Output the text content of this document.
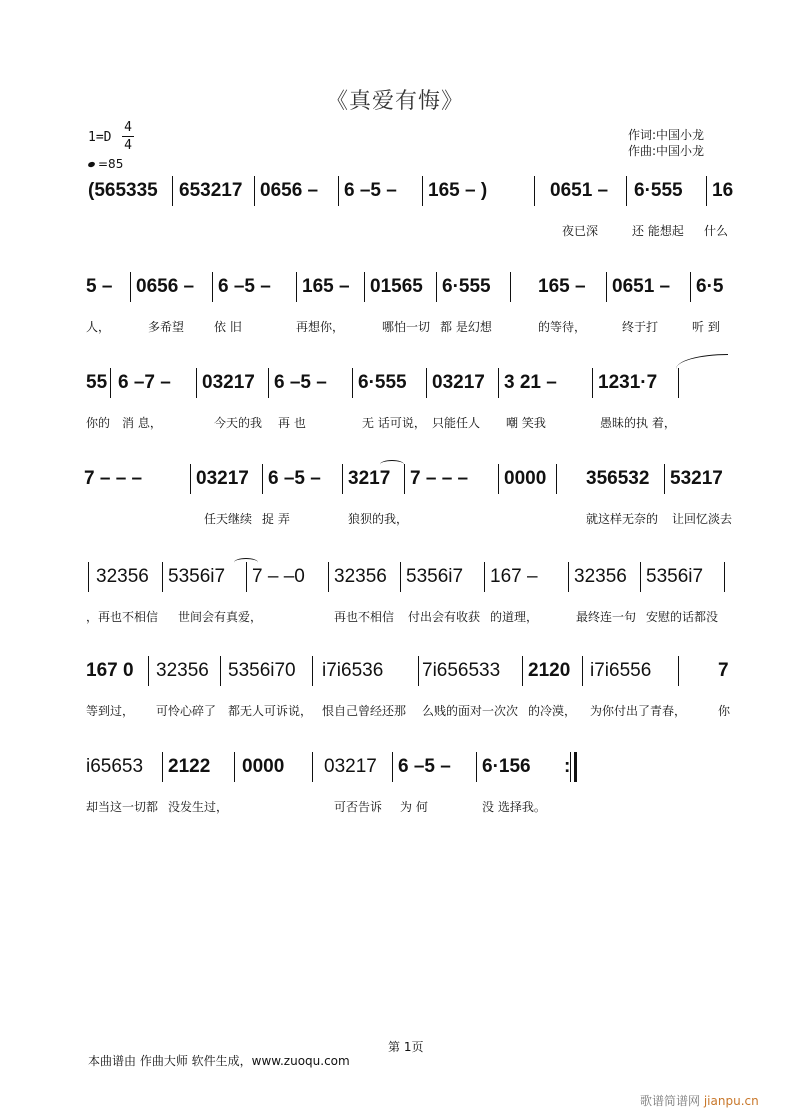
《真爱有悔》
1=D
4
4
=85
作词:中国小龙
作曲:中国小龙
(565335 653217 0656 – 6 –5 – 165 – )	0651 – 6·555 16
夜已深	还 能想起 什么
5 – 0656 – 6 –5 – 165 – 01565 6·555 165 – 0651 – 6·5
人，	多希望 依 旧	再想你，	哪怕一切 都 是幻想	的等待，	终于打	听 到
55 6 –7 – 03217 6 –5 – 6·555 03217 3 21 – 1231·7
你的 消 息，	今天的我 再 也	无 话可说， 只能任人 嘲 笑我	愚昧的执 着，
7 – – –	03217 6 –5 – 3217 7 – – – 0000 356532 53217
任天继续 捉 弄	狼狈的我，	就这样无奈的 让回忆淡去
32356 5356i7 7 – –0 32356 5356i7 167 – 32356 5356i7
，再也不相信 世间会有真爱，	再也不相信 付出会有收获 的道理，	最终连一句 安慰的话都没
167 0 32356 5356i70 i7i6536 7i656533 2120 i7i6556	7
等到过， 可怜心碎了 都无人可诉说， 恨自己曾经还那 么贱的面对一次次 的冷漠， 为你付出了青春，	你
i65653 2122 0000 03217 6 –5 – 6·156 :
却当这一切都 没发生过，	可否告诉 为 何	没 选择我。
第 1页
本曲谱由 作曲大师 软件生成，www.zuoqu.com
歌谱简谱网 jianpu.cn
